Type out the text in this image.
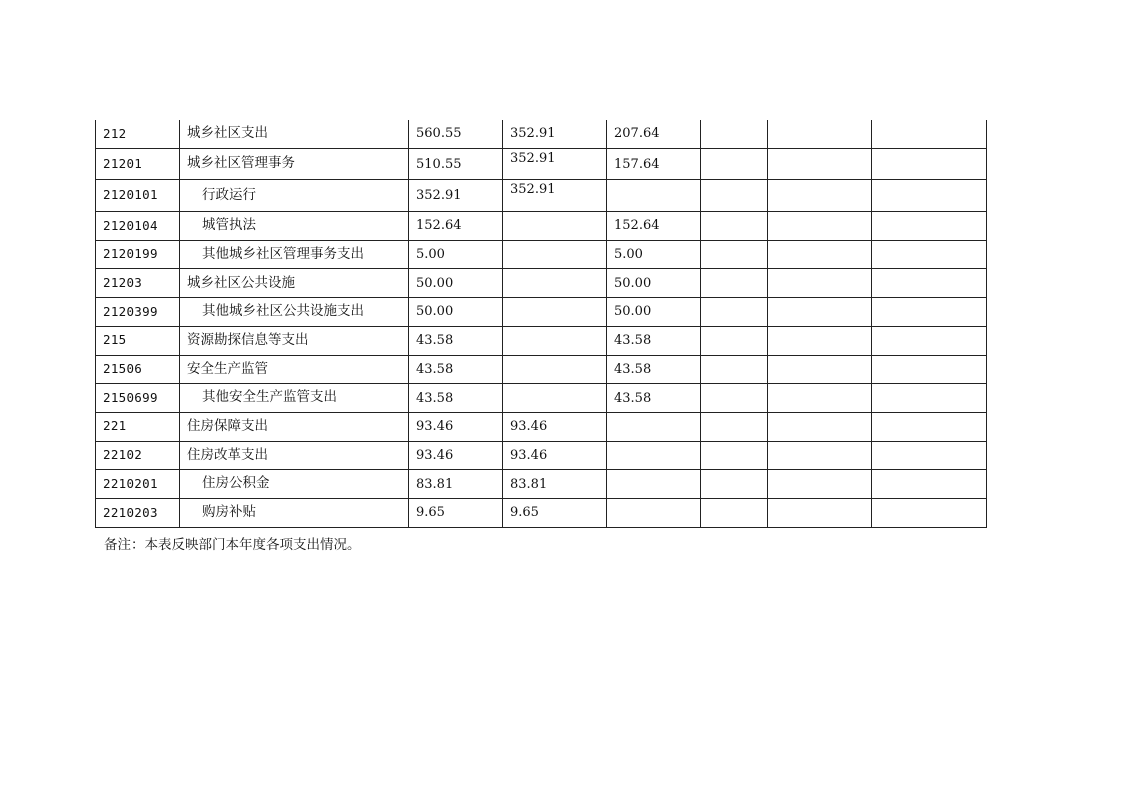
212	城乡社区支出	560.55	352.91	207.64			
21201	城乡社区管理事务	510.55	352.91	157.64			
2120101	行政运行	352.91	352.91				
2120104	城管执法	152.64		152.64			
2120199	其他城乡社区管理事务支出	5.00		5.00			
21203	城乡社区公共设施	50.00		50.00			
2120399	其他城乡社区公共设施支出	50.00		50.00			
215	资源勘探信息等支出	43.58		43.58			
21506	安全生产监管	43.58		43.58			
2150699	其他安全生产监管支出	43.58		43.58			
221	住房保障支出	93.46	93.46				
22102	住房改革支出	93.46	93.46				
2210201	住房公积金	83.81	83.81				
2210203	购房补贴	9.65	9.65				

备注：本表反映部门本年度各项支出情况。
